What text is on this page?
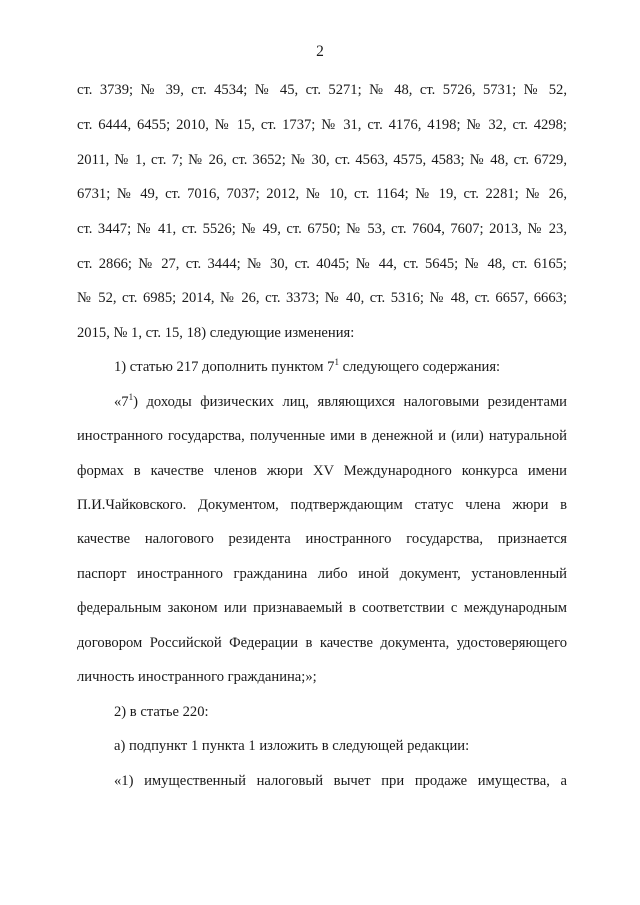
2
ст. 3739; № 39, ст. 4534; № 45, ст. 5271; № 48, ст. 5726, 5731; № 52,
ст. 6444, 6455; 2010, № 15, ст. 1737; № 31, ст. 4176, 4198; № 32, ст. 4298;
2011, № 1, ст. 7; № 26, ст. 3652; № 30, ст. 4563, 4575, 4583; № 48, ст. 6729,
6731; № 49, ст. 7016, 7037; 2012, № 10, ст. 1164; № 19, ст. 2281; № 26,
ст. 3447; № 41, ст. 5526; № 49, ст. 6750; № 53, ст. 7604, 7607; 2013, № 23,
ст. 2866; № 27, ст. 3444; № 30, ст. 4045; № 44, ст. 5645; № 48, ст. 6165;
№ 52, ст. 6985; 2014, № 26, ст. 3373; № 40, ст. 5316; № 48, ст. 6657, 6663;
2015, № 1, ст. 15, 18) следующие изменения:
1) статью 217 дополнить пунктом $7^1$ следующего содержания:
«$7^1$) доходы физических лиц, являющихся налоговыми резидентами
иностранного государства, полученные ими в денежной и (или) натуральной
формах в качестве членов жюри XV Международного конкурса имени
П.И.Чайковского. Документом, подтверждающим статус члена жюри в
качестве налогового резидента иностранного государства, признается
паспорт иностранного гражданина либо иной документ, установленный
федеральным законом или признаваемый в соответствии с международным
договором Российской Федерации в качестве документа, удостоверяющего
личность иностранного гражданина;»;
2) в статье 220:
а) подпункт 1 пункта 1 изложить в следующей редакции:
«1) имущественный налоговый вычет при продаже имущества, а
